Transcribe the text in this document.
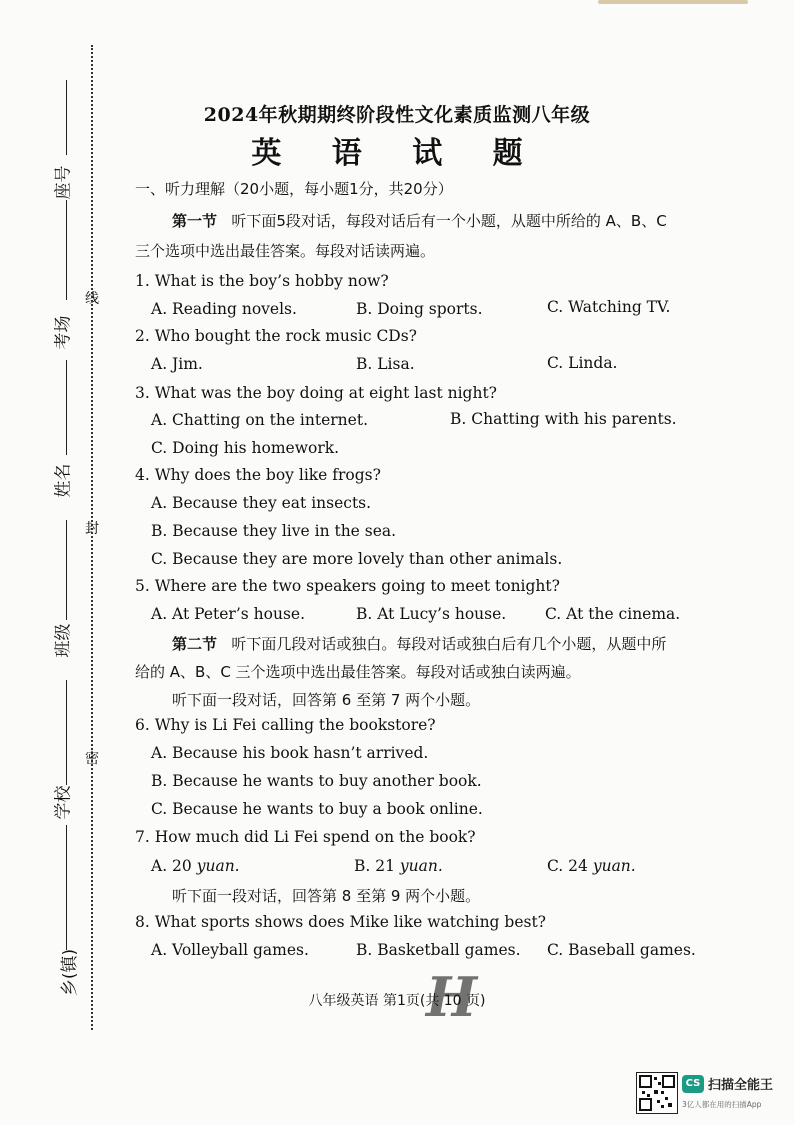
线
封
密
座号
考场
姓名
班级
学校
乡(镇)
2024年秋期期终阶段性文化素质监测八年级
英 语 试 题
一、听力理解（20小题，每小题1分，共20分）
第一节 听下面5段对话，每段对话后有一个小题，从题中所给的 A、B、C
三个选项中选出最佳答案。每段对话读两遍。
1. What is the boy’s hobby now?
A. Reading novels.	B. Doing sports.	C. Watching TV.
2. Who bought the rock music CDs?
A. Jim.	B. Lisa.	C. Linda.
3. What was the boy doing at eight last night?
A. Chatting on the internet.	B. Chatting with his parents.
C. Doing his homework.
4. Why does the boy like frogs?
A. Because they eat insects.
B. Because they live in the sea.
C. Because they are more lovely than other animals.
5. Where are the two speakers going to meet tonight?
A. At Peter’s house.	B. At Lucy’s house.	C. At the cinema.
第二节 听下面几段对话或独白。每段对话或独白后有几个小题，从题中所
给的 A、B、C 三个选项中选出最佳答案。每段对话或独白读两遍。
听下面一段对话，回答第 6 至第 7 两个小题。
6. Why is Li Fei calling the bookstore?
A. Because his book hasn’t arrived.
B. Because he wants to buy another book.
C. Because he wants to buy a book online.
7. How much did Li Fei spend on the book?
A. 20 yuan.	B. 21 yuan.	C. 24 yuan.
听下面一段对话，回答第 8 至第 9 两个小题。
8. What sports shows does Mike like watching best?
A. Volleyball games.	B. Basketball games. C. Baseball games.
H
八年级英语 第1页(共 10 页)
CS 扫描全能王
3亿人都在用的扫描App
